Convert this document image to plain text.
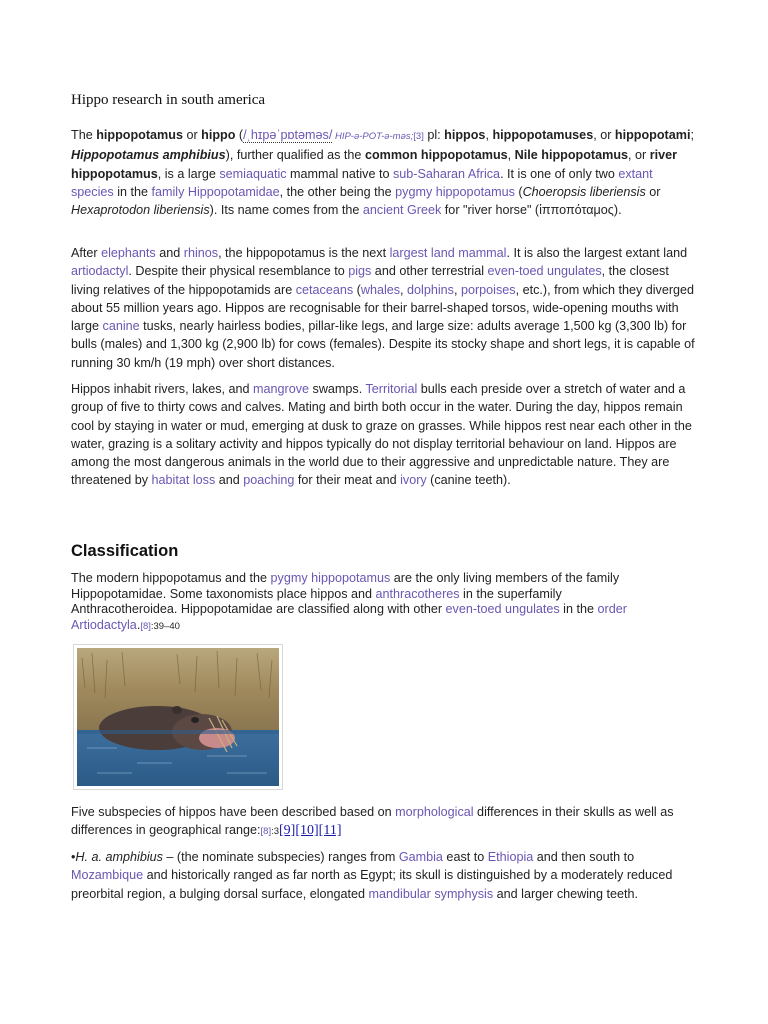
Hippo research in south america

The hippopotamus or hippo (/ˌhɪpəˈpɒtəməs/ HIP-ə-POT-ə-məs;[3] pl: hippos, hippopotamuses, or hippopotami; Hippopotamus amphibius), further qualified as the common hippopotamus, Nile hippopotamus, or river hippopotamus, is a large semiaquatic mammal native to sub-Saharan Africa. It is one of only two extant species in the family Hippopotamidae, the other being the pygmy hippopotamus (Choeropsis liberiensis or Hexaprotodon liberiensis). Its name comes from the ancient Greek for "river horse" (ἱπποπόταμος).

After elephants and rhinos, the hippopotamus is the next largest land mammal. It is also the largest extant land artiodactyl. Despite their physical resemblance to pigs and other terrestrial even-toed ungulates, the closest living relatives of the hippopotamids are cetaceans (whales, dolphins, porpoises, etc.), from which they diverged about 55 million years ago. Hippos are recognisable for their barrel-shaped torsos, wide-opening mouths with large canine tusks, nearly hairless bodies, pillar-like legs, and large size: adults average 1,500 kg (3,300 lb) for bulls (males) and 1,300 kg (2,900 lb) for cows (females). Despite its stocky shape and short legs, it is capable of running 30 km/h (19 mph) over short distances.

Hippos inhabit rivers, lakes, and mangrove swamps. Territorial bulls each preside over a stretch of water and a group of five to thirty cows and calves. Mating and birth both occur in the water. During the day, hippos remain cool by staying in water or mud, emerging at dusk to graze on grasses. While hippos rest near each other in the water, grazing is a solitary activity and hippos typically do not display territorial behaviour on land. Hippos are among the most dangerous animals in the world due to their aggressive and unpredictable nature. They are threatened by habitat loss and poaching for their meat and ivory (canine teeth).

Classification

The modern hippopotamus and the pygmy hippopotamus are the only living members of the family Hippopotamidae. Some taxonomists place hippos and anthracotheres in the superfamily Anthracotheroidea. Hippopotamidae are classified along with other even-toed ungulates in the order Artiodactyla.[8]:39–40

Five subspecies of hippos have been described based on morphological differences in their skulls as well as differences in geographical range:[8]:3[9][10][11]

•H. a. amphibius – (the nominate subspecies) ranges from Gambia east to Ethiopia and then south to Mozambique and historically ranged as far north as Egypt; its skull is distinguished by a moderately reduced preorbital region, a bulging dorsal surface, elongated mandibular symphysis and larger chewing teeth.
